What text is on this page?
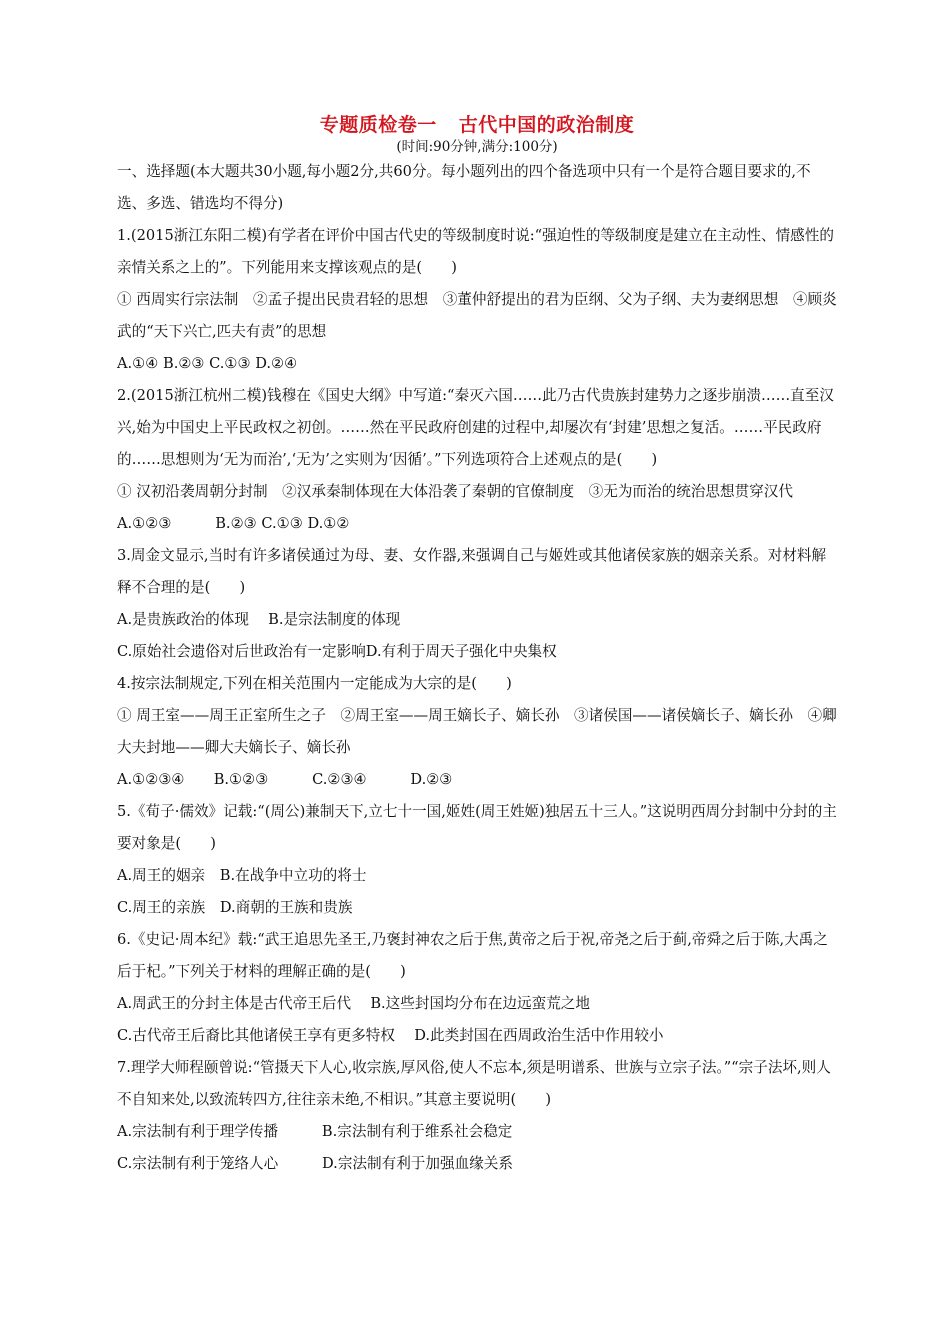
专题质检卷一 古代中国的政治制度

(时间:90分钟,满分:100分)

一、选择题(本大题共30小题,每小题2分,共60分。每小题列出的四个备选项中只有一个是符合题目要求的,不选、多选、错选均不得分)

1.(2015浙江东阳二模)有学者在评价中国古代史的等级制度时说:“强迫性的等级制度是建立在主动性、情感性的亲情关系之上的”。下列能用来支撑该观点的是(　　)

① 西周实行宗法制　②孟子提出民贵君轻的思想　③董仲舒提出的君为臣纲、父为子纲、夫为妻纲思想　④顾炎武的“天下兴亡,匹夫有责”的思想

A.①④ B.②③ C.①③ D.②④

2.(2015浙江杭州二模)钱穆在《国史大纲》中写道:“秦灭六国……此乃古代贵族封建势力之逐步崩溃……直至汉兴,始为中国史上平民政权之初创。……然在平民政府创建的过程中,却屡次有‘封建’思想之复活。……平民政府的……思想则为‘无为而治’,‘无为’之实则为‘因循’。”下列选项符合上述观点的是(　　)

① 汉初沿袭周朝分封制　②汉承秦制体现在大体沿袭了秦朝的官僚制度　③无为而治的统治思想贯穿汉代

A.①②③　　　B.②③ C.①③ D.①②

3.周金文显示,当时有许多诸侯通过为母、妻、女作器,来强调自己与姬姓或其他诸侯家族的姻亲关系。对材料解释不合理的是(　　)

A.是贵族政治的体现　 B.是宗法制度的体现

C.原始社会遗俗对后世政治有一定影响D.有利于周天子强化中央集权

4.按宗法制规定,下列在相关范围内一定能成为大宗的是(　　)

① 周王室——周王正室所生之子　②周王室——周王嫡长子、嫡长孙　③诸侯国——诸侯嫡长子、嫡长孙　④卿大夫封地——卿大夫嫡长子、嫡长孙

A.①②③④　　B.①②③　　　C.②③④　　　D.②③

5.《荀子·儒效》记载:“(周公)兼制天下,立七十一国,姬姓(周王姓姬)独居五十三人。”这说明西周分封制中分封的主要对象是(　　)

A.周王的姻亲　B.在战争中立功的将士

C.周王的亲族　D.商朝的王族和贵族

6.《史记·周本纪》载:“武王追思先圣王,乃褒封神农之后于焦,黄帝之后于祝,帝尧之后于蓟,帝舜之后于陈,大禹之后于杞。”下列关于材料的理解正确的是(　　)

A.周武王的分封主体是古代帝王后代　 B.这些封国均分布在边远蛮荒之地

C.古代帝王后裔比其他诸侯王享有更多特权　 D.此类封国在西周政治生活中作用较小

7.理学大师程颐曾说:“管摄天下人心,收宗族,厚风俗,使人不忘本,须是明谱系、世族与立宗子法。”“宗子法坏,则人不自知来处,以致流转四方,往往亲未绝,不相识。”其意主要说明(　　)

A.宗法制有利于理学传播　　　B.宗法制有利于维系社会稳定

C.宗法制有利于笼络人心　　　D.宗法制有利于加强血缘关系
